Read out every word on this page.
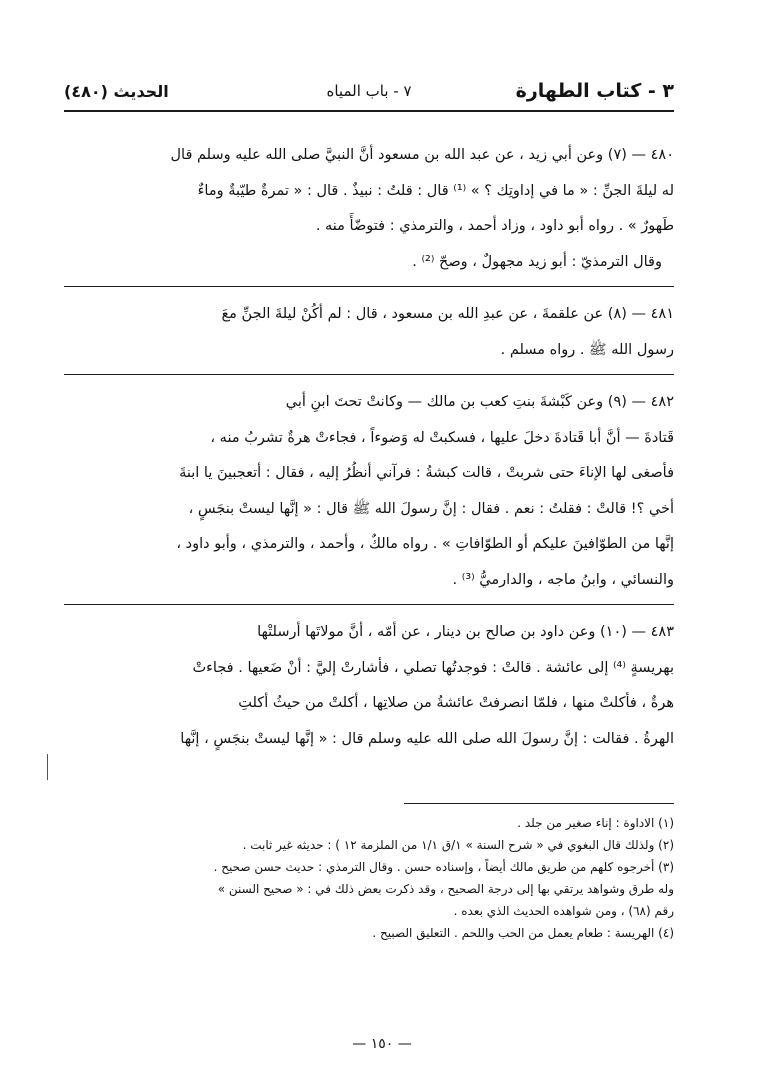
٣ - كتاب الطهارة
٧ - باب المياه
الحديث (٤٨٠)

٤٨٠ — (٧) وعن أبي زيد ، عن عبد الله بن مسعود أنَّ النبيَّ صلى الله عليه وسلم قال

له ليلةَ الجنِّ : « ما في إداوتِك ؟ » ⁽¹⁾ قال : قلتُ : نبيذٌ . قال : « تمرةٌ طيّبةٌ وماءٌ

طَهورٌ » . رواه أبو داود ، وزاد أحمد ، والترمذي : فتوضّأَ منه .

وقال الترمذيّ : أبو زيد مجهولٌ ، وصحّ ⁽²⁾ .

٤٨١ — (٨) عن علقمةَ ، عن عبدِ الله بن مسعود ، قال : لم أكُنْ ليلةَ الجنِّ معَ

رسول الله ﷺ . رواه مسلم .

٤٨٢ — (٩) وعن كَبْشةَ بنتِ كعب بن مالك — وكانتْ تحتَ ابنِ أبي

قَتادةَ — أنَّ أبا قَتادةَ دخلَ عليها ، فسكبتْ له وَضوءاً ، فجاءتْ هرةٌ تشربُ منه ،

فأصغى لها الإناءَ حتى شربتْ ، قالت كبشةُ : فرآني أنظُرُ إليه ، فقال : أتعجبينَ يا ابنةَ

أخي ؟! قالتْ : فقلتُ : نعم . فقال : إنَّ رسولَ الله ﷺ قال : « إنَّها ليستْ بنجَسٍ ،

إنَّها من الطوّافينَ عليكم أو الطوّافاتِ » . رواه مالكٌ ، وأحمد ، والترمذي ، وأبو داود ،

والنسائي ، وابنُ ماجه ، والدارميُّ ⁽³⁾ .

٤٨٣ — (١٠) وعن داود بن صالح بن دينار ، عن أمّه ، أنَّ مولاتَها أرسلتْها

بهريسةٍ ⁽⁴⁾ إلى عائشة . قالتْ : فوجدتُها تصلي ، فأشارتْ إليَّ : أنْ ضَعيها . فجاءتْ

هرةٌ ، فأكلتْ منها ، فلمّا انصرفتْ عائشةُ من صلاتِها ، أكلتْ من حيثُ أكلتِ

الهرةُ . فقالت : إنَّ رسولَ الله صلى الله عليه وسلم قال : « إنَّها ليستْ بنجَسٍ ، إنَّها

(١) الاداوة : إناء صغير من جلد .
(٢) ولذلك قال البغوي في « شرح السنة » ١/ق ١/١ من الملزمة ١٢ ) : حديثه غير ثابت .
(٣) أخرجوه كلهم من طريق مالك أيضاً ، وإسناده حسن . وقال الترمذي : حديث حسن صحيح .
وله طرق وشواهد يرتقي بها إلى درجة الصحيح ، وقد ذكرت بعض ذلك في : « صحيح السنن »
رقم (٦٨) ، ومن شواهده الحديث الذي بعده .
(٤) الهريسة : طعام يعمل من الحب واللحم . التعليق الصبيح .
— ١٥٠ —
